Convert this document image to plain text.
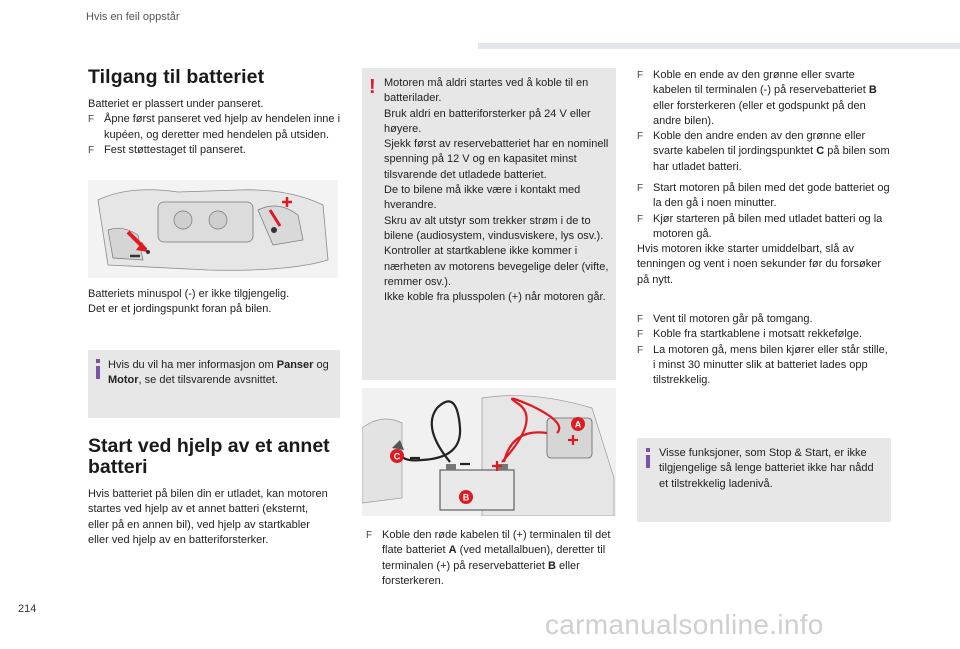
Hvis en feil oppstår
Tilgang til batteriet
Batteriet er plassert under panseret.
F Åpne først panseret ved hjelp av hendelen inne i kupéen, og deretter med hendelen på utsiden.
F Fest støttestaget til panseret.
Batteriets minuspol (-) er ikke tilgjengelig.
Det er et jordingspunkt foran på bilen.
Hvis du vil ha mer informasjon om Panser og Motor, se det tilsvarende avsnittet.
Start ved hjelp av et annet batteri
Hvis batteriet på bilen din er utladet, kan motoren startes ved hjelp av et annet batteri (eksternt, eller på en annen bil), ved hjelp av startkabler eller ved hjelp av en batteriforsterker.
! Motoren må aldri startes ved å koble til en batterilader.
Bruk aldri en batteriforsterker på 24 V eller høyere.
Sjekk først av reservebatteriet har en nominell spenning på 12 V og en kapasitet minst tilsvarende det utladede batteriet.
De to bilene må ikke være i kontakt med hverandre.
Skru av alt utstyr som trekker strøm i de to bilene (audiosystem, vindusviskere, lys osv.).
Kontroller at startkablene ikke kommer i nærheten av motorens bevegelige deler (vifte, remmer osv.).
Ikke koble fra plusspolen (+) når motoren går.
A
B
C
F Koble den røde kabelen til (+) terminalen til det flate batteriet A (ved metallalbuen), deretter til terminalen (+) på reservebatteriet B eller forsterkeren.
F Koble en ende av den grønne eller svarte kabelen til terminalen (-) på reservebatteriet B eller forsterkeren (eller et godspunkt på den andre bilen).
F Koble den andre enden av den grønne eller svarte kabelen til jordingspunktet C på bilen som har utladet batteri.
F Start motoren på bilen med det gode batteriet og la den gå i noen minutter.
F Kjør starteren på bilen med utladet batteri og la motoren gå.
Hvis motoren ikke starter umiddelbart, slå av tenningen og vent i noen sekunder før du forsøker på nytt.
F Vent til motoren går på tomgang.
F Koble fra startkablene i motsatt rekkefølge.
F La motoren gå, mens bilen kjører eller står stille, i minst 30 minutter slik at batteriet lades opp tilstrekkelig.
Visse funksjoner, som Stop & Start, er ikke tilgjengelige så lenge batteriet ikke har nådd et tilstrekkelig ladenivå.
214	carmanualsonline.info
